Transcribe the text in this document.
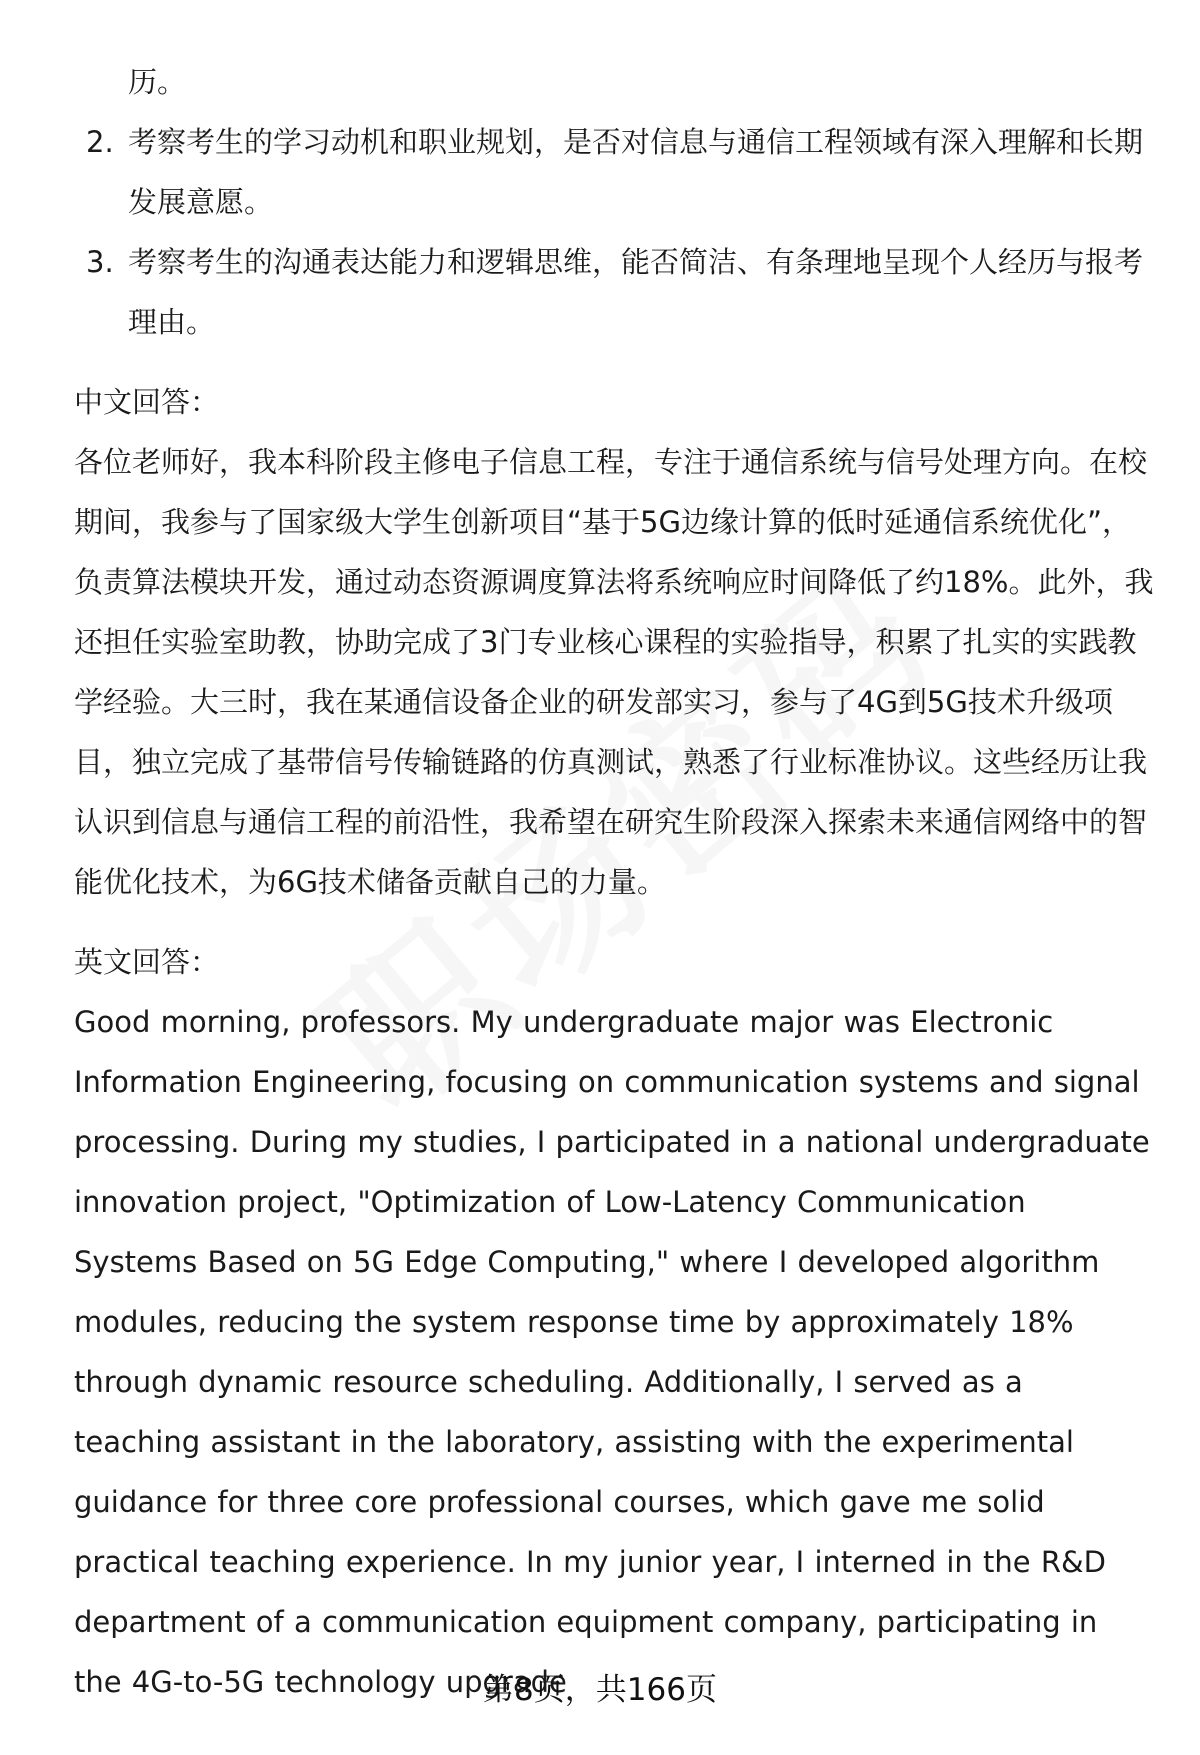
历。

2. 考察考生的学习动机和职业规划，是否对信息与通信工程领域有深入理解和长期发展意愿。

3. 考察考生的沟通表达能力和逻辑思维，能否简洁、有条理地呈现个人经历与报考理由。

中文回答：

各位老师好，我本科阶段主修电子信息工程，专注于通信系统与信号处理方向。在校期间，我参与了国家级大学生创新项目“基于5G边缘计算的低时延通信系统优化”，负责算法模块开发，通过动态资源调度算法将系统响应时间降低了约18%。此外，我还担任实验室助教，协助完成了3门专业核心课程的实验指导，积累了扎实的实践教学经验。大三时，我在某通信设备企业的研发部实习，参与了4G到5G技术升级项目，独立完成了基带信号传输链路的仿真测试，熟悉了行业标准协议。这些经历让我认识到信息与通信工程的前沿性，我希望在研究生阶段深入探索未来通信网络中的智能优化技术，为6G技术储备贡献自己的力量。

英文回答：

Good morning, professors. My undergraduate major was Electronic Information Engineering, focusing on communication systems and signal processing. During my studies, I participated in a national undergraduate innovation project, "Optimization of Low-Latency Communication Systems Based on 5G Edge Computing," where I developed algorithm modules, reducing the system response time by approximately 18% through dynamic resource scheduling. Additionally, I served as a teaching assistant in the laboratory, assisting with the experimental guidance for three core professional courses, which gave me solid practical teaching experience. In my junior year, I interned in the R&D department of a communication equipment company, participating in the 4G-to-5G technology upgrade

第8页，共166页
